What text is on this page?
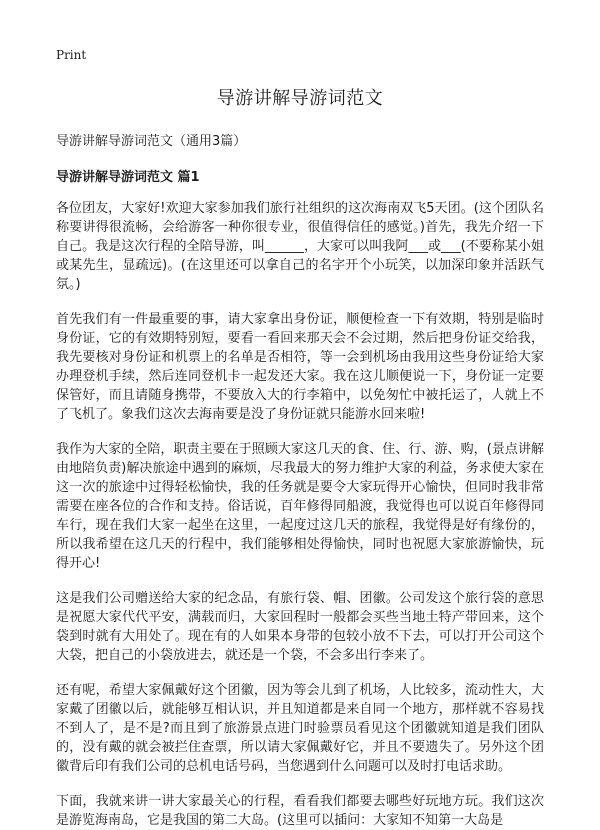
Print
导游讲解导游词范文

导游讲解导游词范文（通用3篇）

导游讲解导游词范文 篇1

各位团友，大家好!欢迎大家参加我们旅行社组织的这次海南双飞5天团。(这个团队名称要讲得很流畅，会给游客一种你很专业，很值得信任的感觉。)首先，我先介绍一下自己。我是这次行程的全陪导游，叫______，大家可以叫我阿___或___(不要称某小姐或某先生，显疏远)。(在这里还可以拿自己的名字开个小玩笑，以加深印象并活跃气氛。)

首先我们有一件最重要的事，请大家拿出身份证，顺便检查一下有效期，特别是临时身份证，它的有效期特别短，要看一看回来那天会不会过期，然后把身份证交给我，我先要核对身份证和机票上的名单是否相符，等一会到机场由我用这些身份证给大家办理登机手续，然后连同登机卡一起发还大家。我在这儿顺便说一下，身份证一定要保管好，而且请随身携带，不要放入大的行李箱中，以免匆忙中被托运了，人就上不了飞机了。象我们这次去海南要是没了身份证就只能游水回来啦!

我作为大家的全陪，职责主要在于照顾大家这几天的食、住、行、游、购，(景点讲解由地陪负责)解决旅途中遇到的麻烦，尽我最大的努力维护大家的利益，务求使大家在这一次的旅途中过得轻松愉快，我的任务就是要令大家玩得开心愉快，但同时我非常需要在座各位的合作和支持。俗话说，百年修得同船渡，我觉得也可以说百年修得同车行，现在我们大家一起坐在这里，一起度过这几天的旅程，我觉得是好有缘份的，所以我希望在这几天的行程中，我们能够相处得愉快，同时也祝愿大家旅游愉快，玩得开心!

这是我们公司赠送给大家的纪念品，有旅行袋、帽、团徽。公司发这个旅行袋的意思是祝愿大家代代平安，满载而归，大家回程时一般都会买些当地土特产带回来，这个袋到时就有大用处了。现在有的人如果本身带的包较小放不下去，可以打开公司这个大袋，把自己的小袋放进去，就还是一个袋，不会多出行李来了。

还有呢，希望大家佩戴好这个团徽，因为等会儿到了机场，人比较多，流动性大，大家戴了团徽以后，就能够互相认识，并且知道都是来自同一个地方，那样就不容易找不到人了，是不是?而且到了旅游景点进门时验票员看见这个团徽就知道是我们团队的，没有戴的就会被拦住查票，所以请大家佩戴好它，并且不要遗失了。另外这个团徽背后印有我们公司的总机电话号码，当您遇到什么问题可以及时打电话求助。

下面，我就来讲一讲大家最关心的行程，看看我们都要去哪些好玩地方玩。我们这次是游览海南岛，它是我国的第二大岛。(这里可以插问：大家知不知第一大岛是
